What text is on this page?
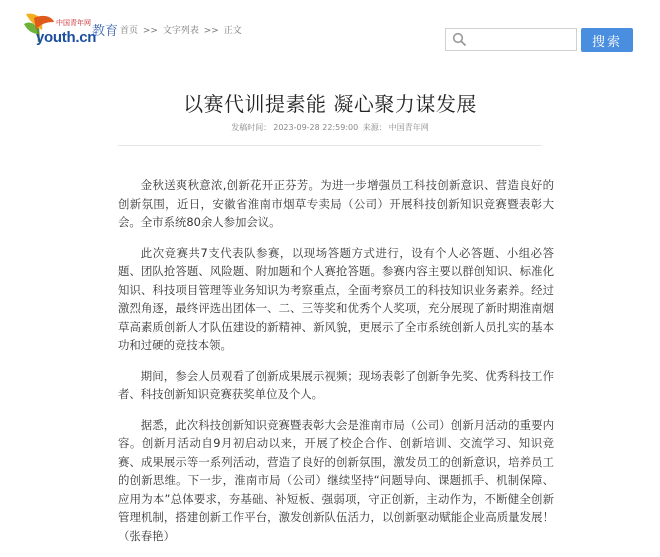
中国青年网
youth.cn
教育 首页 >> 文字列表 >> 正文
搜索
以赛代训提素能 凝心聚力谋发展
发稿时间： 2023-09-28 22:59:00 来源： 中国青年网

金秋送爽秋意浓,创新花开正芬芳。为进一步增强员工科技创新意识、营造良好的创新氛围，近日，安徽省淮南市烟草专卖局（公司）开展科技创新知识竞赛暨表彰大会。全市系统80余人参加会议。

此次竞赛共7支代表队参赛，以现场答题方式进行，设有个人必答题、小组必答题、团队抢答题、风险题、附加题和个人赛抢答题。参赛内容主要以群创知识、标准化知识、科技项目管理等业务知识为考察重点，全面考察员工的科技知识业务素养。经过激烈角逐，最终评选出团体一、二、三等奖和优秀个人奖项，充分展现了新时期淮南烟草高素质创新人才队伍建设的新精神、新风貌，更展示了全市系统创新人员扎实的基本功和过硬的竞技本领。

期间，参会人员观看了创新成果展示视频；现场表彰了创新争先奖、优秀科技工作者、科技创新知识竞赛获奖单位及个人。

据悉，此次科技创新知识竞赛暨表彰大会是淮南市局（公司）创新月活动的重要内容。创新月活动自9月初启动以来，开展了校企合作、创新培训、交流学习、知识竞赛、成果展示等一系列活动，营造了良好的创新氛围，激发员工的创新意识，培养员工的创新思维。下一步，淮南市局（公司）继续坚持“问题导向、课题抓手、机制保障、应用为本”总体要求，夯基础、补短板、强弱项，守正创新，主动作为，不断健全创新管理机制，搭建创新工作平台，激发创新队伍活力，以创新驱动赋能企业高质量发展！（张春艳）
